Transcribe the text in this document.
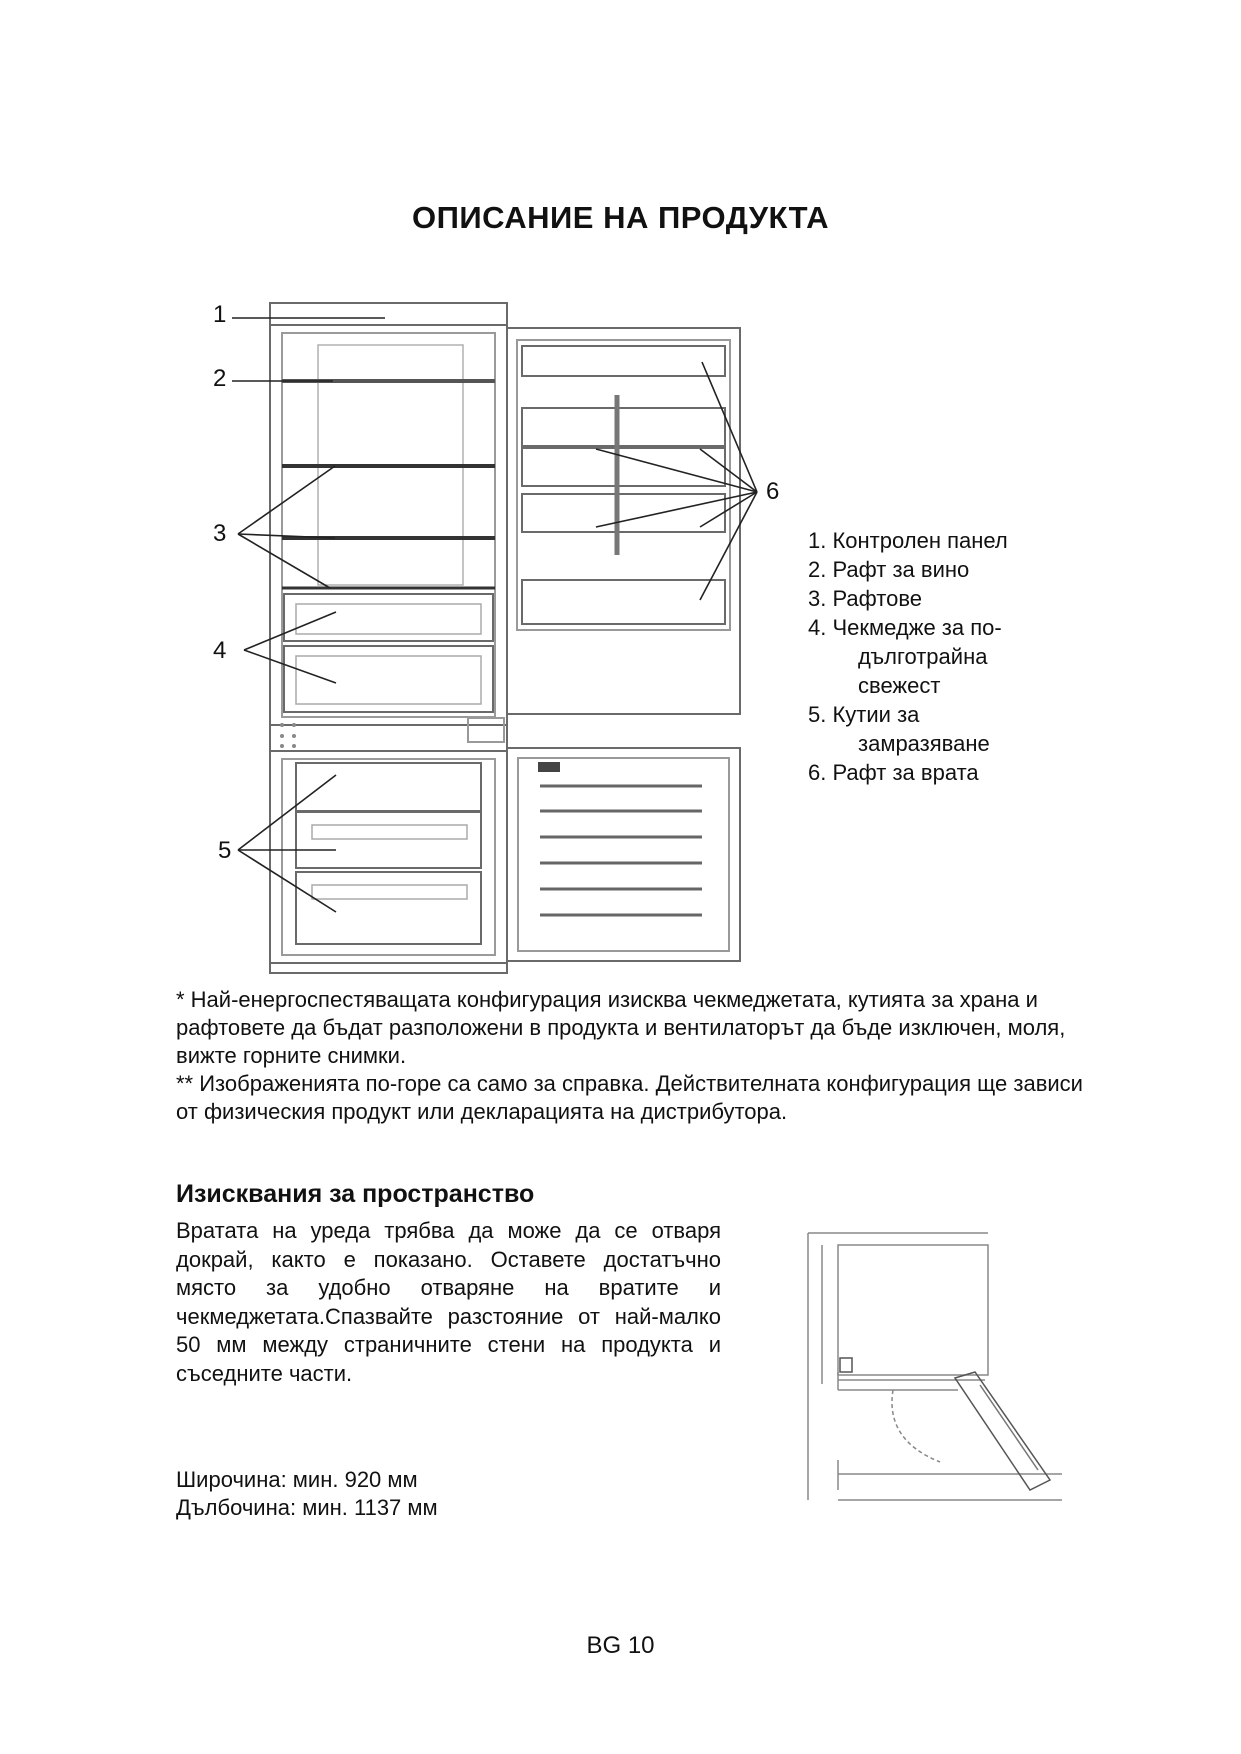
ОПИСАНИЕ НА ПРОДУКТА
1
2
3
4
5
6
1. Контролен панел
2. Рафт за вино
3. Рафтове
4. Чекмедже за по-
дълготрайна
свежест
5. Кутии за
замразяване
6. Рафт за врата

* Най-енергоспестяващата конфигурация изисква чекмеджетата, кутията за храна и рафтовете да бъдат разположени в продукта и вентилаторът да бъде изключен, моля, вижте горните снимки.

** Изображенията по-горе са само за справка. Действителната конфигурация ще зависи от физическия продукт или декларацията на дистрибутора.

Изисквания за пространство

Вратата на уреда трябва да може да се отваря докрай, както е показано. Оставете достатъчно място за удобно отваряне на вратите и чекмеджетата.Спазвайте разстояние от най-малко 50 мм между страничните стени на продукта и съседните части.

Широчина: мин. 920 мм

Дълбочина: мин. 1137 мм

BG 10
